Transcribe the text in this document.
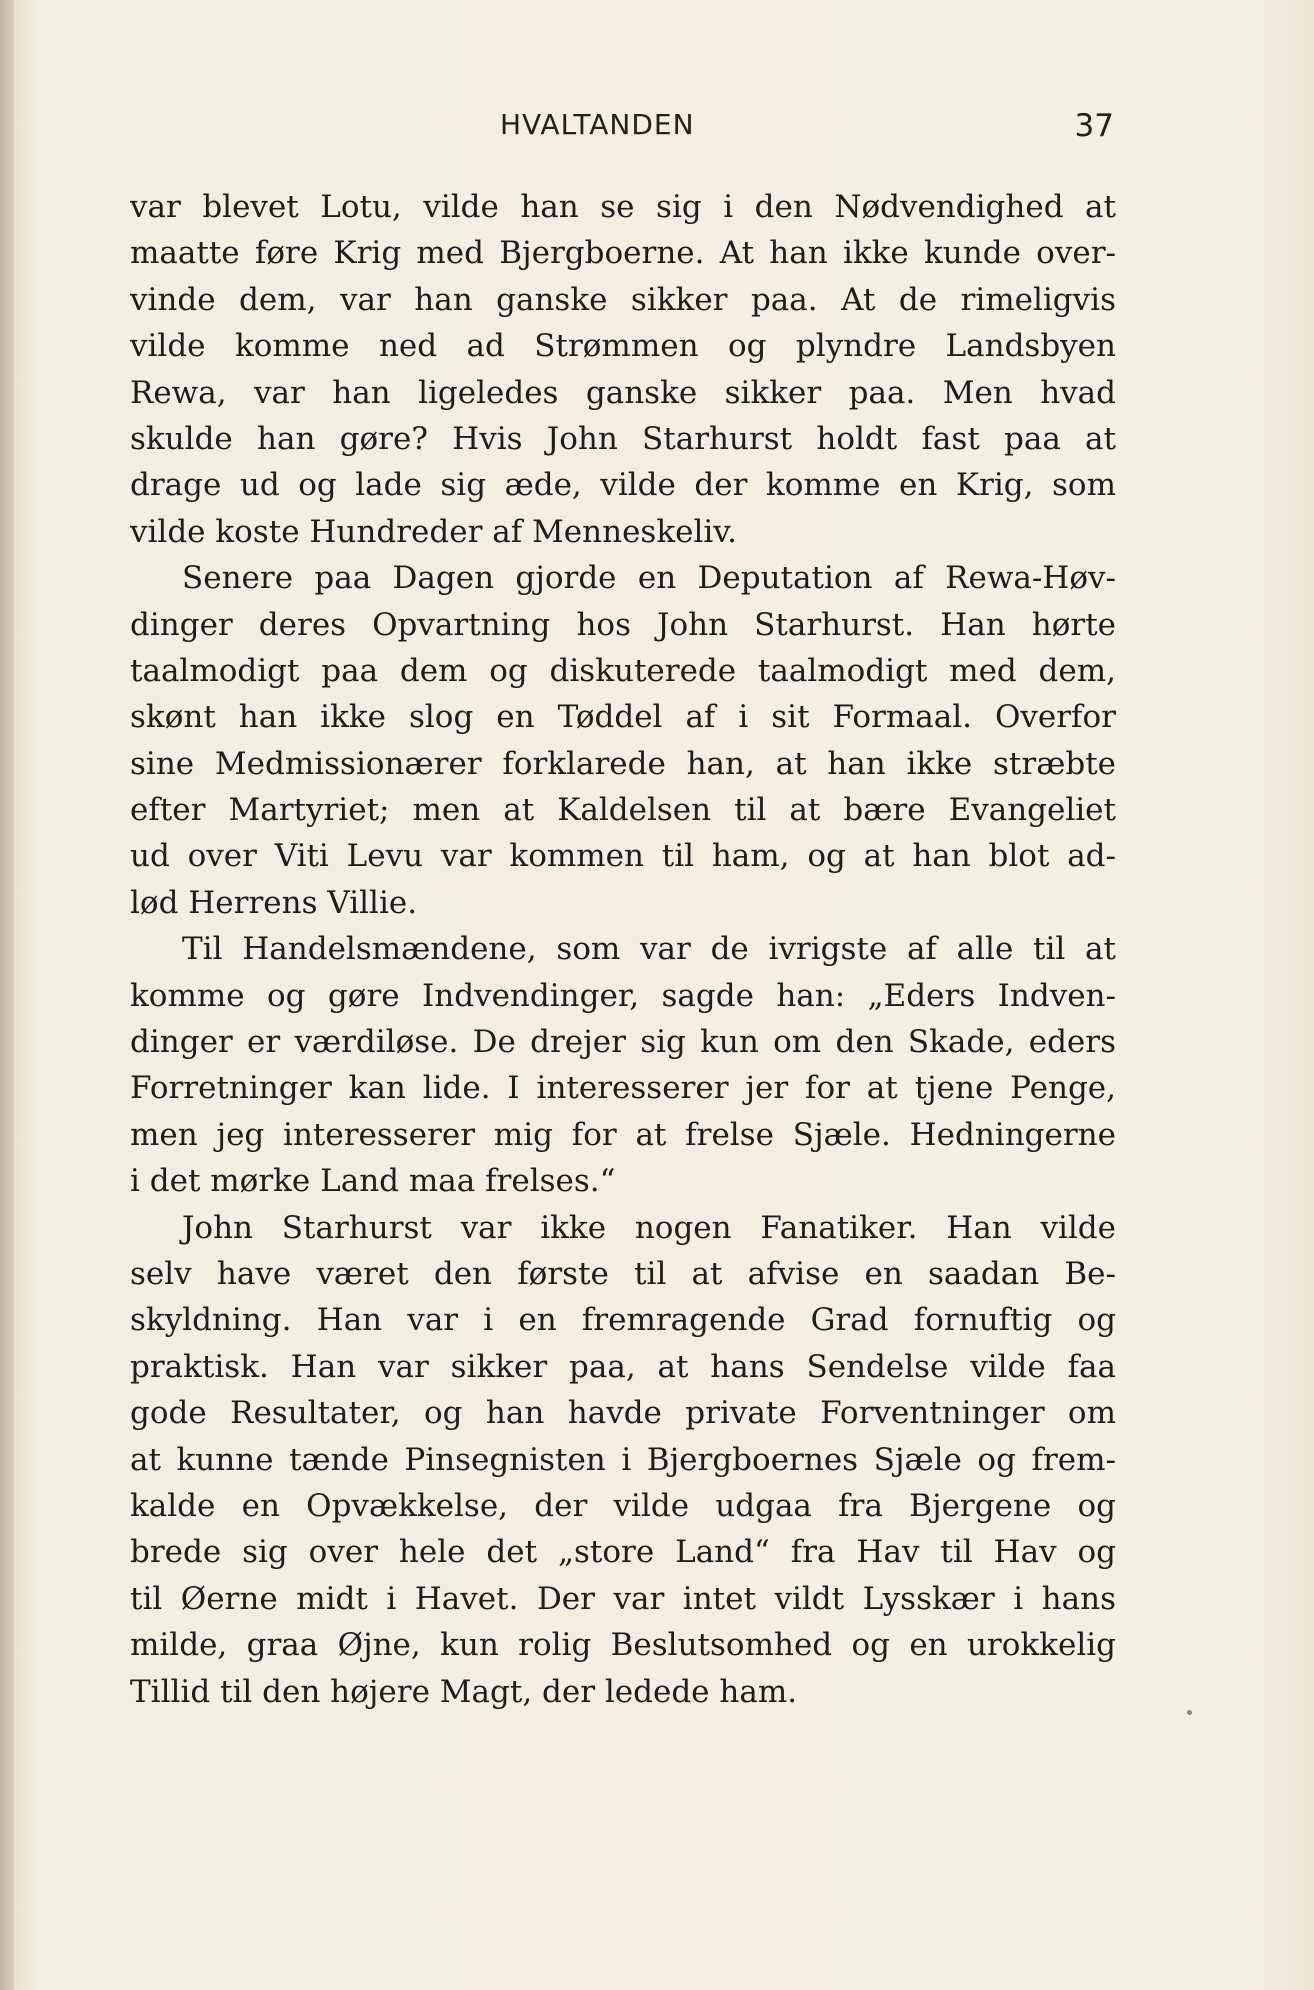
HVALTANDEN	37
var blevet Lotu, vilde han se sig i den Nødvendighed at
maatte føre Krig med Bjergboerne. At han ikke kunde over-
vinde dem, var han ganske sikker paa. At de rimeligvis
vilde komme ned ad Strømmen og plyndre Landsbyen
Rewa, var han ligeledes ganske sikker paa. Men hvad
skulde han gøre? Hvis John Starhurst holdt fast paa at
drage ud og lade sig æde, vilde der komme en Krig, som
vilde koste Hundreder af Menneskeliv.
Senere paa Dagen gjorde en Deputation af Rewa-Høv-
dinger deres Opvartning hos John Starhurst. Han hørte
taalmodigt paa dem og diskuterede taalmodigt med dem,
skønt han ikke slog en Tøddel af i sit Formaal. Overfor
sine Medmissionærer forklarede han, at han ikke stræbte
efter Martyriet; men at Kaldelsen til at bære Evangeliet
ud over Viti Levu var kommen til ham, og at han blot ad-
lød Herrens Villie.
Til Handelsmændene, som var de ivrigste af alle til at
komme og gøre Indvendinger, sagde han: „Eders Indven-
dinger er værdiløse. De drejer sig kun om den Skade, eders
Forretninger kan lide. I interesserer jer for at tjene Penge,
men jeg interesserer mig for at frelse Sjæle. Hedningerne
i det mørke Land maa frelses.“
John Starhurst var ikke nogen Fanatiker. Han vilde
selv have været den første til at afvise en saadan Be-
skyldning. Han var i en fremragende Grad fornuftig og
praktisk. Han var sikker paa, at hans Sendelse vilde faa
gode Resultater, og han havde private Forventninger om
at kunne tænde Pinsegnisten i Bjergboernes Sjæle og frem-
kalde en Opvækkelse, der vilde udgaa fra Bjergene og
brede sig over hele det „store Land“ fra Hav til Hav og
til Øerne midt i Havet. Der var intet vildt Lysskær i hans
milde, graa Øjne, kun rolig Beslutsomhed og en urokkelig
Tillid til den højere Magt, der ledede ham.
